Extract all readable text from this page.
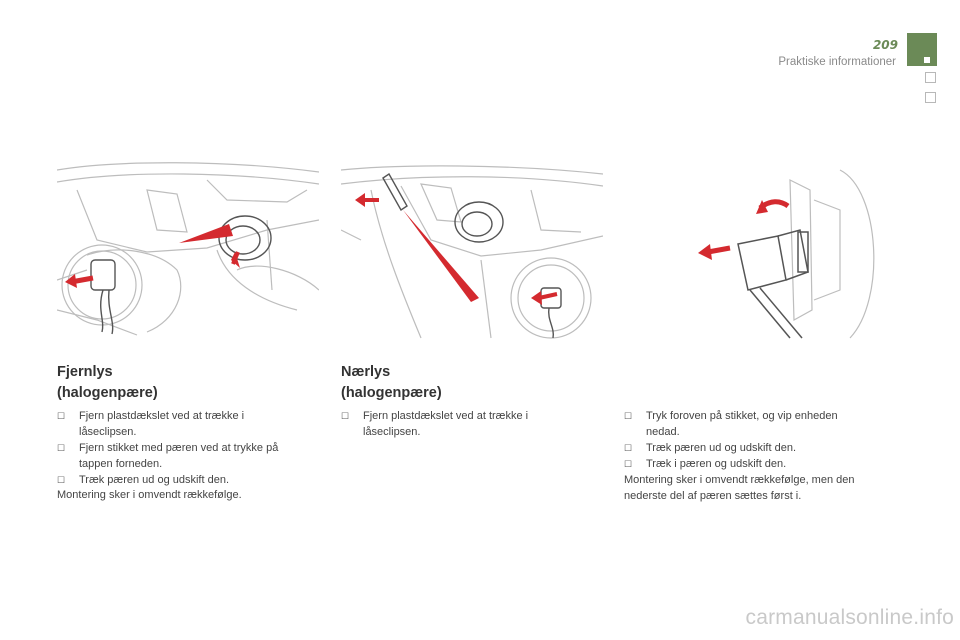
209
Praktiske informationer
Fjernlys
(halogenpære)
☐ Fjern plastdækslet ved at trække i
låseclipsen.
☐ Fjern stikket med pæren ved at trykke på
tappen forneden.
☐ Træk pæren ud og udskift den.

Montering sker i omvendt rækkefølge.

Nærlys
(halogenpære)
☐ Fjern plastdækslet ved at trække i
låseclipsen.
☐ Tryk foroven på stikket, og vip enheden
nedad.
☐ Træk pæren ud og udskift den.
☐ Træk i pæren og udskift den.

Montering sker i omvendt rækkefølge, men den
nederste del af pæren sættes først i.

carmanualsonline.info
